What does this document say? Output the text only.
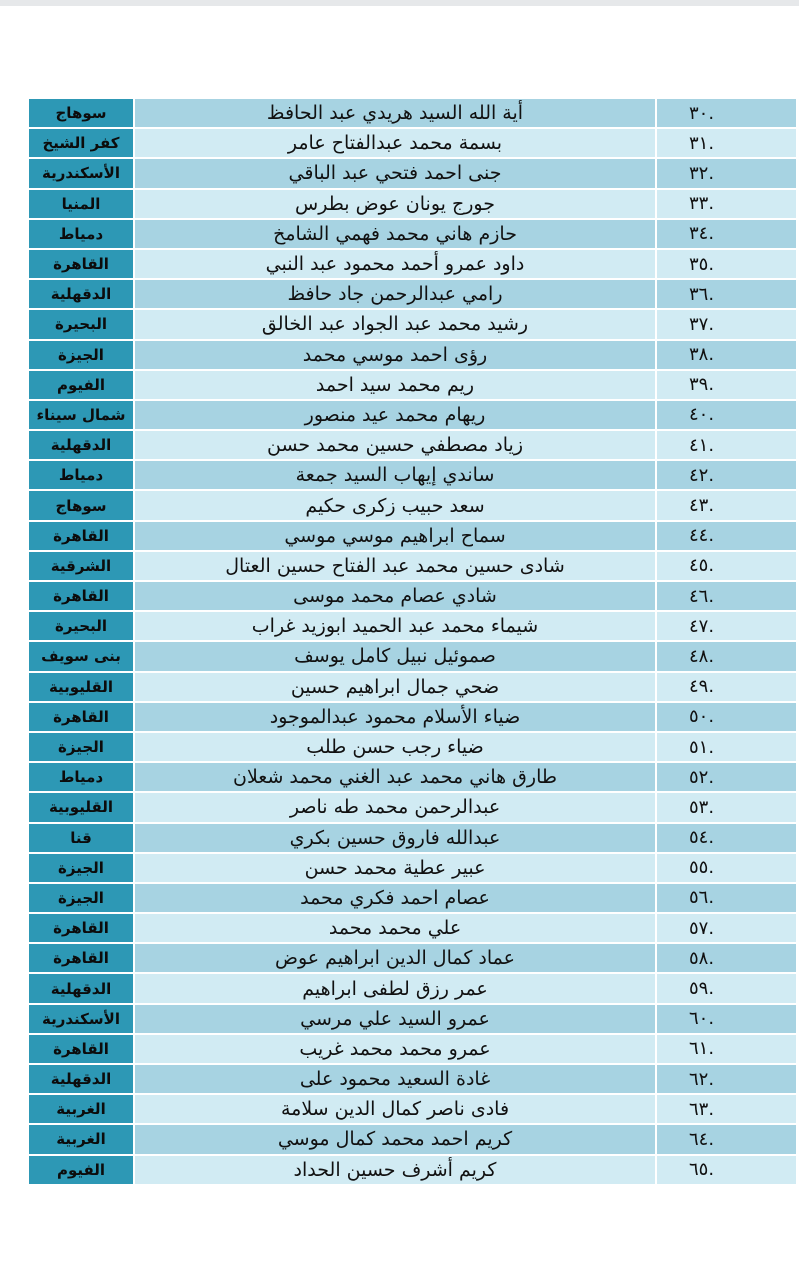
.٣٠	أية الله السيد هريدي عبد الحافظ	سوهاج
.٣١	بسمة محمد عبدالفتاح عامر	كفر الشيخ
.٣٢	جنى احمد فتحي عبد الباقي	الأسكندرية
.٣٣	جورج يونان عوض بطرس	المنيا
.٣٤	حازم هاني محمد فهمي الشامخ	دمياط
.٣٥	داود عمرو أحمد محمود عبد النبي	القاهرة
.٣٦	رامي عبدالرحمن جاد حافظ	الدقهلية
.٣٧	رشيد محمد عبد الجواد عبد الخالق	البحيرة
.٣٨	رؤى احمد موسي محمد	الجيزة
.٣٩	ريم محمد سيد احمد	الفيوم
.٤٠	ريهام محمد عيد منصور	شمال سيناء
.٤١	زياد مصطفي حسين محمد حسن	الدقهلية
.٤٢	ساندي إيهاب السيد جمعة	دمياط
.٤٣	سعد حبيب زكرى حكيم	سوهاج
.٤٤	سماح ابراهيم موسي موسي	القاهرة
.٤٥	شادى حسين محمد عبد الفتاح حسين العتال	الشرقية
.٤٦	شادي عصام محمد موسى	القاهرة
.٤٧	شيماء محمد عبد الحميد ابوزيد غراب	البحيرة
.٤٨	صموئيل نبيل كامل يوسف	بنى سويف
.٤٩	ضحي جمال ابراهيم حسين	القليوبية
.٥٠	ضياء الأسلام محمود عبدالموجود	القاهرة
.٥١	ضياء رجب حسن طلب	الجيزة
.٥٢	طارق هاني محمد عبد الغني محمد شعلان	دمياط
.٥٣	عبدالرحمن محمد طه ناصر	القليوبية
.٥٤	عبدالله فاروق حسين بكري	قنا
.٥٥	عبير عطية محمد حسن	الجيزة
.٥٦	عصام احمد فكري محمد	الجيزة
.٥٧	علي محمد محمد	القاهرة
.٥٨	عماد كمال الدين ابراهيم عوض	القاهرة
.٥٩	عمر رزق لطفى ابراهيم	الدقهلية
.٦٠	عمرو السيد علي مرسي	الأسكندرية
.٦١	عمرو محمد محمد غريب	القاهرة
.٦٢	غادة السعيد محمود على	الدقهلية
.٦٣	فادى ناصر كمال الدين سلامة	الغربية
.٦٤	كريم احمد محمد كمال موسي	الغربية
.٦٥	كريم أشرف حسين الحداد	الفيوم
